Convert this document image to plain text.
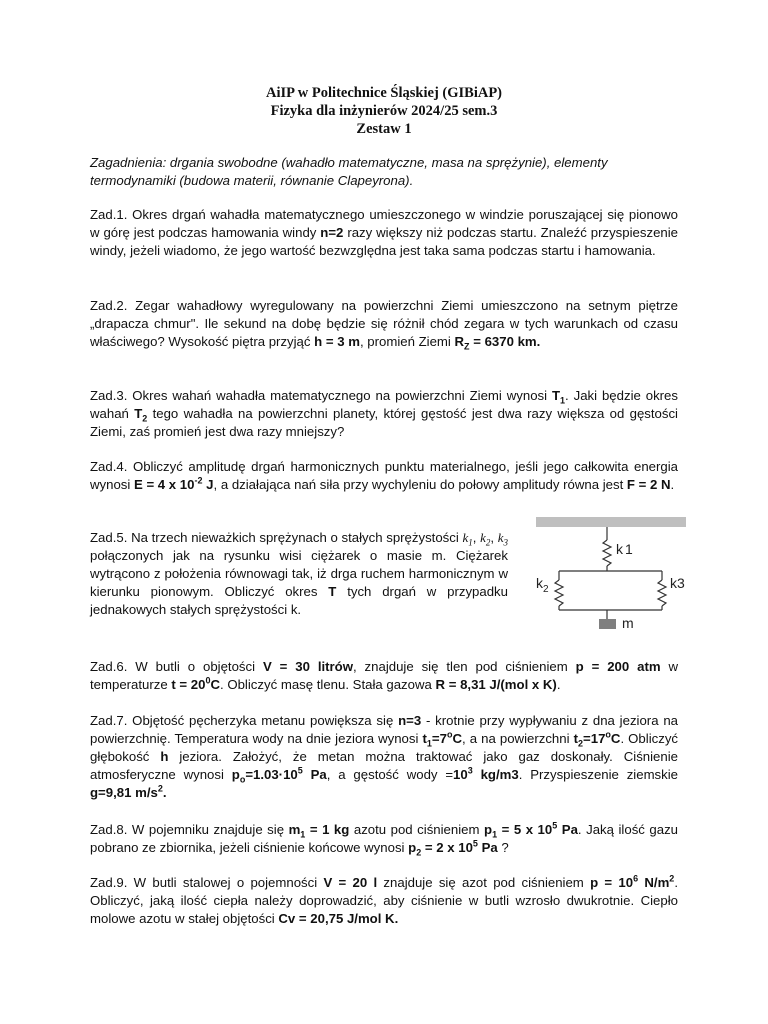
AiIP w Politechnice Śląskiej (GIBiAP)
Fizyka dla inżynierów 2024/25 sem.3
Zestaw 1
Zagadnienia: drgania swobodne (wahadło matematyczne, masa na sprężynie), elementy termodynamiki (budowa materii, równanie Clapeyrona).

Zad.1. Okres drgań wahadła matematycznego umieszczonego w windzie poruszającej się pionowo w górę jest podczas hamowania windy n=2 razy większy niż podczas startu. Znaleźć przyspieszenie windy, jeżeli wiadomo, że jego wartość bezwzględna jest taka sama podczas startu i hamowania.

Zad.2. Zegar wahadłowy wyregulowany na powierzchni Ziemi umieszczono na setnym piętrze „drapacza chmur". Ile sekund na dobę będzie się różnił chód zegara w tych warunkach od czasu właściwego? Wysokość piętra przyjąć h = 3 m, promień Ziemi $R_Z = 6370$ km.

Zad.3. Okres wahań wahadła matematycznego na powierzchni Ziemi wynosi $T_1$. Jaki będzie okres wahań $T_2$ tego wahadła na powierzchni planety, której gęstość jest dwa razy większa od gęstości Ziemi, zaś promień jest dwa razy mniejszy?

Zad.4. Obliczyć amplitudę drgań harmonicznych punktu materialnego, jeśli jego całkowita energia wynosi E = 4 x $10^{-2}$ J, a działająca nań siła przy wychyleniu do połowy amplitudy równa jest F = 2 N.

Zad.5. Na trzech nieważkich sprężynach o stałych sprężystości $k_1$, $k_2$, $k_3$ połączonych jak na rysunku wisi ciężarek o masie m. Ciężarek wytrącono z położenia równowagi tak, iż drga ruchem harmonicznym w kierunku pionowym. Obliczyć okres T tych drgań w przypadku jednakowych stałych sprężystości k.

k 1
$k_2$	k3
m

Zad.6. W butli o objętości V = 30 litrów, znajduje się tlen pod ciśnieniem p = 200 atm w temperaturze $t = 20^0C$. Obliczyć masę tlenu. Stała gazowa R = 8,31 J/(mol x K).

Zad.7. Objętość pęcherzyka metanu powiększa się n=3 - krotnie przy wypływaniu z dna jeziora na powierzchnię. Temperatura wody na dnie jeziora wynosi $t_1=7^oC$, a na powierzchni $t_2=17^oC$. Obliczyć głębokość h jeziora. Założyć, że metan można traktować jako gaz doskonały. Ciśnienie atmosferyczne wynosi $p_o=1.03\cdot 10^5$ Pa, a gęstość wody $=10^3$ kg/m3. Przyspieszenie ziemskie g=9,81 $m/s^2$.

Zad.8. W pojemniku znajduje się $m_1 = 1$ kg azotu pod ciśnieniem $p_1 = 5$ x $10^5$ Pa. Jaką ilość gazu pobrano ze zbiornika, jeżeli ciśnienie końcowe wynosi $p_2 = 2$ x $10^5$ Pa ?

Zad.9. W butli stalowej o pojemności V = 20 l znajduje się azot pod ciśnieniem $p = 10^6$ $N/m^2$. Obliczyć, jaką ilość ciepła należy doprowadzić, aby ciśnienie w butli wzrosło dwukrotnie. Ciepło molowe azotu w stałej objętości Cv = 20,75 J/mol K.
